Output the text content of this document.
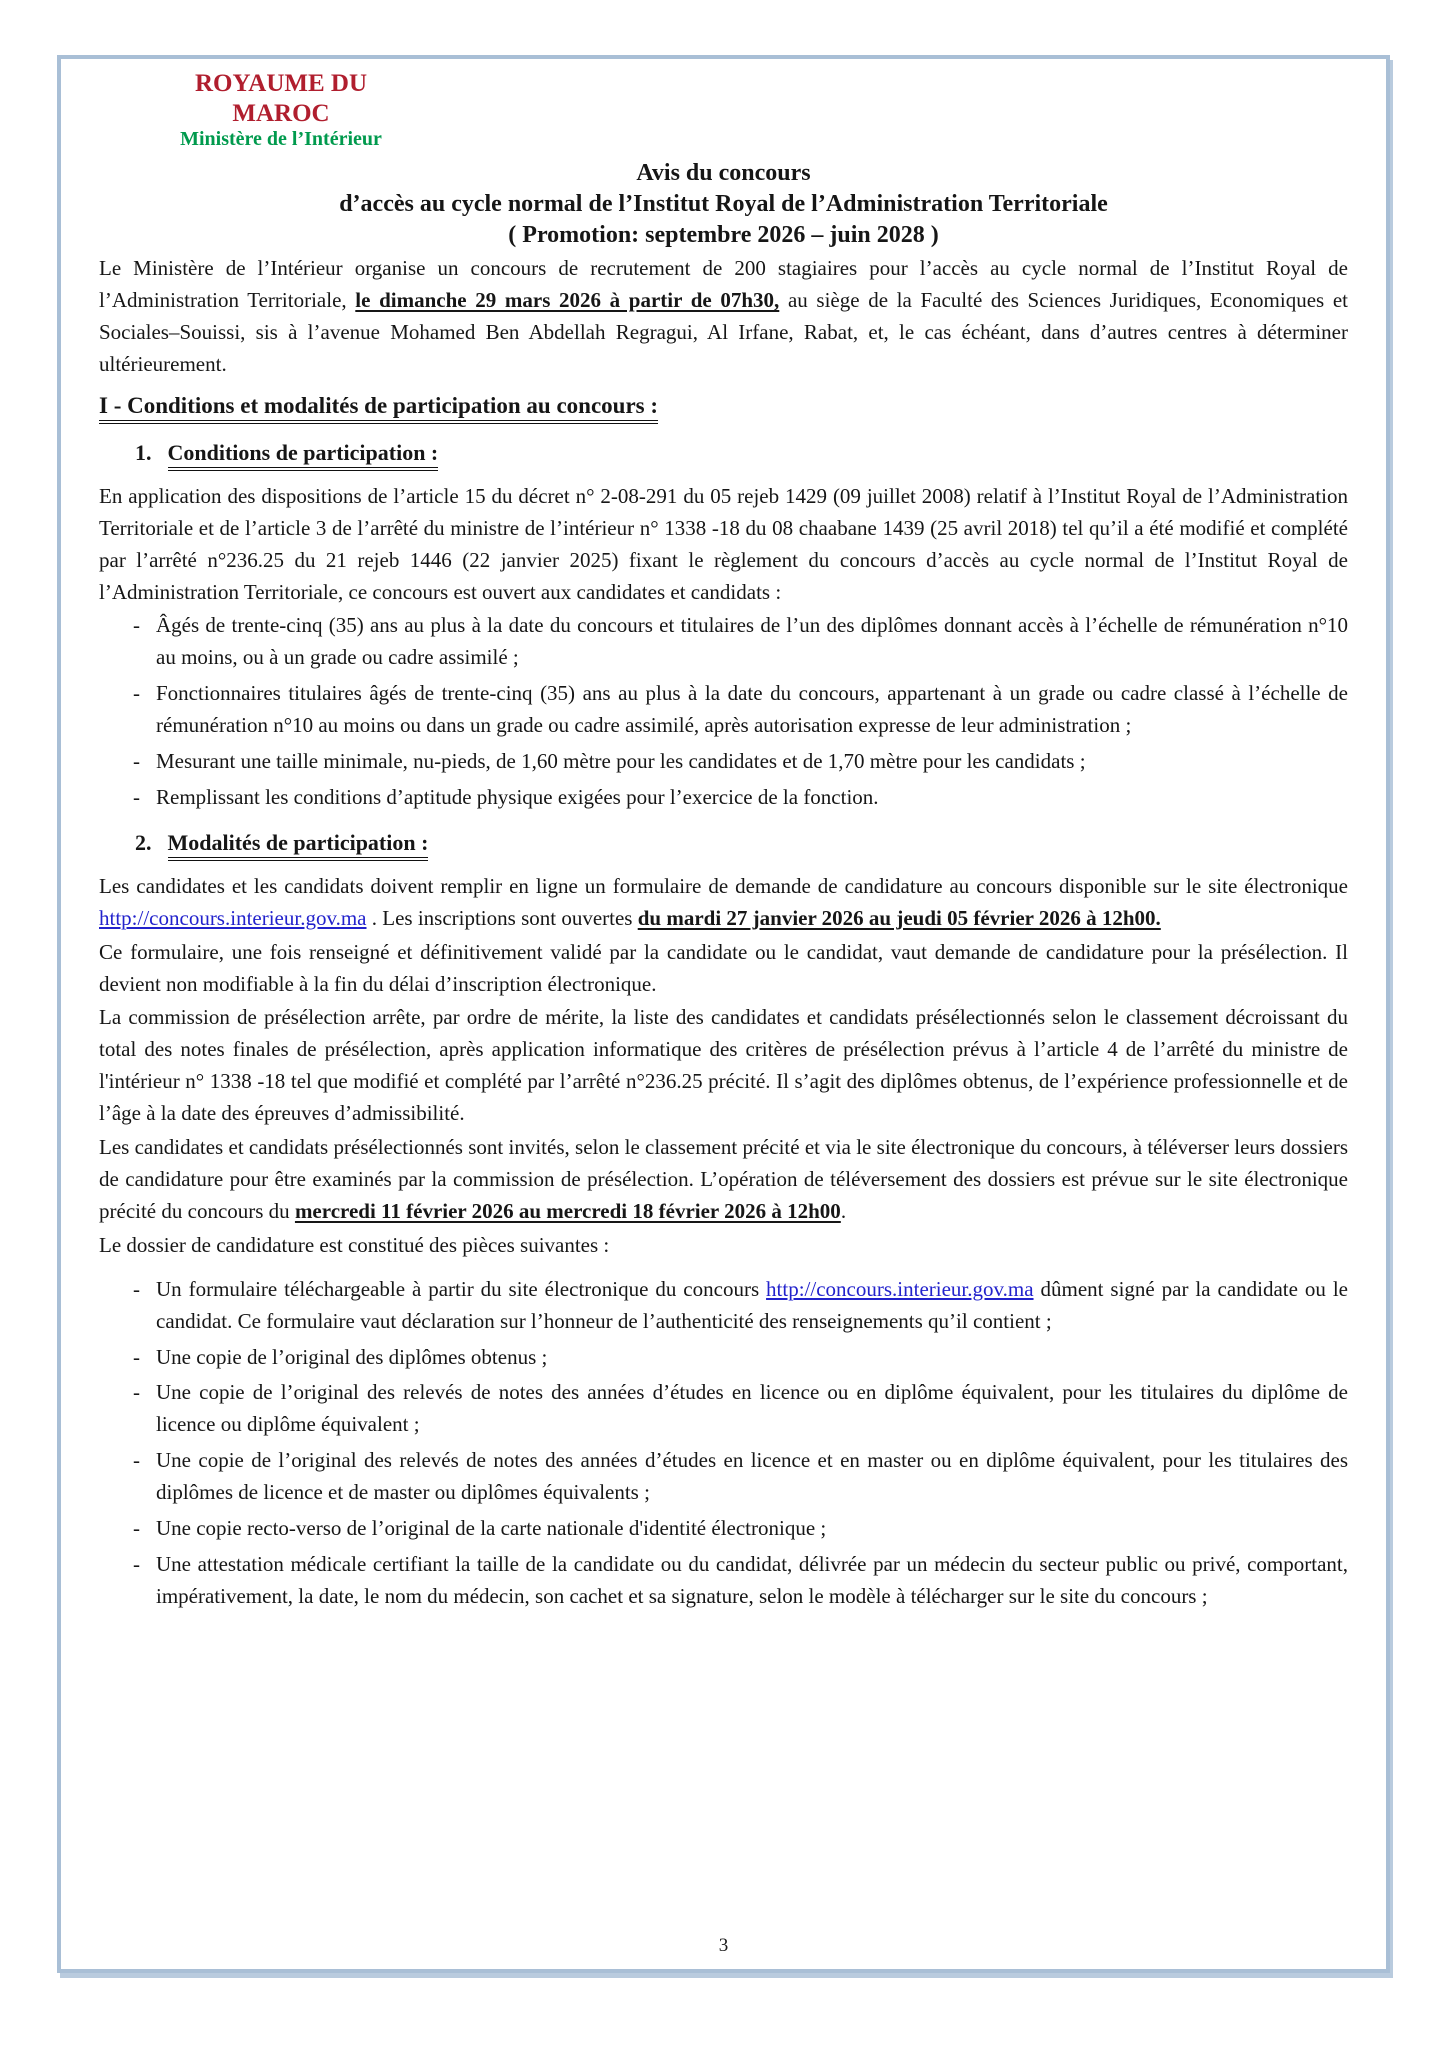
ROYAUME DU MAROC
Ministère de l’Intérieur
Avis du concours
d’accès au cycle normal de l’Institut Royal de l’Administration Territoriale
( Promotion: septembre 2026 – juin 2028 )

Le Ministère de l’Intérieur organise un concours de recrutement de 200 stagiaires pour l’accès au cycle normal de l’Institut Royal de l’Administration Territoriale, le dimanche 29 mars 2026 à partir de 07h30, au siège de la Faculté des Sciences Juridiques, Economiques et Sociales–Souissi, sis à l’avenue Mohamed Ben Abdellah Regragui, Al Irfane, Rabat, et, le cas échéant, dans d’autres centres à déterminer ultérieurement.

I - Conditions et modalités de participation au concours :
1. Conditions de participation :

En application des dispositions de l’article 15 du décret n° 2-08-291 du 05 rejeb 1429 (09 juillet 2008) relatif à l’Institut Royal de l’Administration Territoriale et de l’article 3 de l’arrêté du ministre de l’intérieur n° 1338 -18 du 08 chaabane 1439 (25 avril 2018) tel qu’il a été modifié et complété par l’arrêté n°236.25 du 21 rejeb 1446 (22 janvier 2025) fixant le règlement du concours d’accès au cycle normal de l’Institut Royal de l’Administration Territoriale, ce concours est ouvert aux candidates et candidats :

- Âgés de trente-cinq (35) ans au plus à la date du concours et titulaires de l’un des diplômes donnant accès à l’échelle de rémunération n°10 au moins, ou à un grade ou cadre assimilé ;
- Fonctionnaires titulaires âgés de trente-cinq (35) ans au plus à la date du concours, appartenant à un grade ou cadre classé à l’échelle de rémunération n°10 au moins ou dans un grade ou cadre assimilé, après autorisation expresse de leur administration ;
- Mesurant une taille minimale, nu-pieds, de 1,60 mètre pour les candidates et de 1,70 mètre pour les candidats ;
- Remplissant les conditions d’aptitude physique exigées pour l’exercice de la fonction.
2. Modalités de participation :

Les candidates et les candidats doivent remplir en ligne un formulaire de demande de candidature au concours disponible sur le site électronique http://concours.interieur.gov.ma . Les inscriptions sont ouvertes du mardi 27 janvier 2026 au jeudi 05 février 2026 à 12h00.

Ce formulaire, une fois renseigné et définitivement validé par la candidate ou le candidat, vaut demande de candidature pour la présélection. Il devient non modifiable à la fin du délai d’inscription électronique.

La commission de présélection arrête, par ordre de mérite, la liste des candidates et candidats présélectionnés selon le classement décroissant du total des notes finales de présélection, après application informatique des critères de présélection prévus à l’article 4 de l’arrêté du ministre de l'intérieur n° 1338 -18 tel que modifié et complété par l’arrêté n°236.25 précité. Il s’agit des diplômes obtenus, de l’expérience professionnelle et de l’âge à la date des épreuves d’admissibilité.

Les candidates et candidats présélectionnés sont invités, selon le classement précité et via le site électronique du concours, à téléverser leurs dossiers de candidature pour être examinés par la commission de présélection. L’opération de téléversement des dossiers est prévue sur le site électronique précité du concours du mercredi 11 février 2026 au mercredi 18 février 2026 à 12h00.

Le dossier de candidature est constitué des pièces suivantes :

- Un formulaire téléchargeable à partir du site électronique du concours http://concours.interieur.gov.ma dûment signé par la candidate ou le candidat. Ce formulaire vaut déclaration sur l’honneur de l’authenticité des renseignements qu’il contient ;
- Une copie de l’original des diplômes obtenus ;
- Une copie de l’original des relevés de notes des années d’études en licence ou en diplôme équivalent, pour les titulaires du diplôme de licence ou diplôme équivalent ;
- Une copie de l’original des relevés de notes des années d’études en licence et en master ou en diplôme équivalent, pour les titulaires des diplômes de licence et de master ou diplômes équivalents ;
- Une copie recto-verso de l’original de la carte nationale d'identité électronique ;
- Une attestation médicale certifiant la taille de la candidate ou du candidat, délivrée par un médecin du secteur public ou privé, comportant, impérativement, la date, le nom du médecin, son cachet et sa signature, selon le modèle à télécharger sur le site du concours ;
3
